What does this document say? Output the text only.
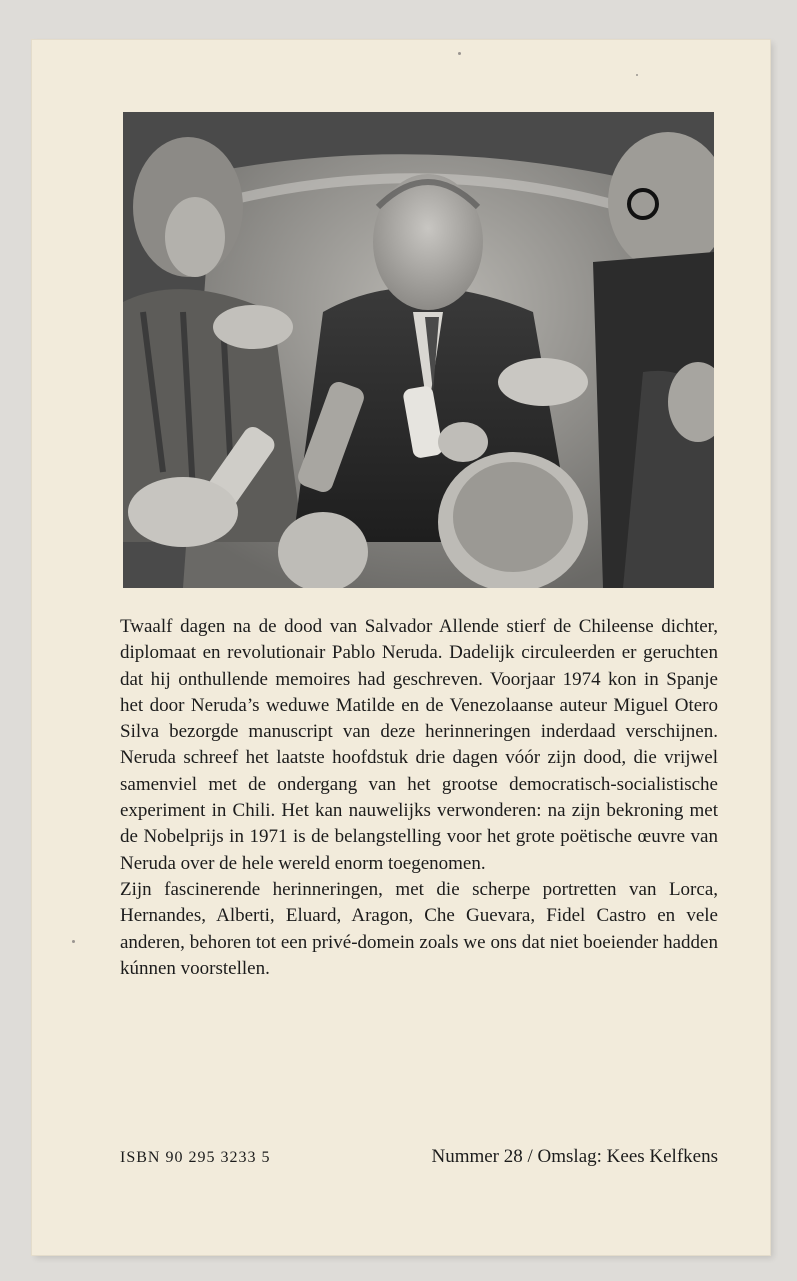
Twaalf dagen na de dood van Salvador Allende stierf de Chileense dichter, diplomaat en revolutionair Pablo Neruda. Dadelijk circuleerden er geruchten dat hij onthullende memoires had geschreven. Voorjaar 1974 kon in Spanje het door Neruda’s weduwe Matilde en de Venezolaanse auteur Miguel Otero Silva bezorgde manuscript van deze herinneringen inderdaad verschijnen. Neruda schreef het laatste hoofdstuk drie dagen vóór zijn dood, die vrijwel samenviel met de ondergang van het grootse democratisch-socialistische experiment in Chili. Het kan nauwelijks verwonderen: na zijn bekroning met de Nobelprijs in 1971 is de belangstelling voor het grote poëtische œuvre van Neruda over de hele wereld enorm toegenomen.

Zijn fascinerende herinneringen, met die scherpe portretten van Lorca, Hernandes, Alberti, Eluard, Aragon, Che Guevara, Fidel Castro en vele anderen, behoren tot een privé-domein zoals we ons dat niet boeiender hadden kúnnen voorstellen.

ISBN 90 295 3233 5	Nummer 28 / Omslag: Kees Kelfkens
